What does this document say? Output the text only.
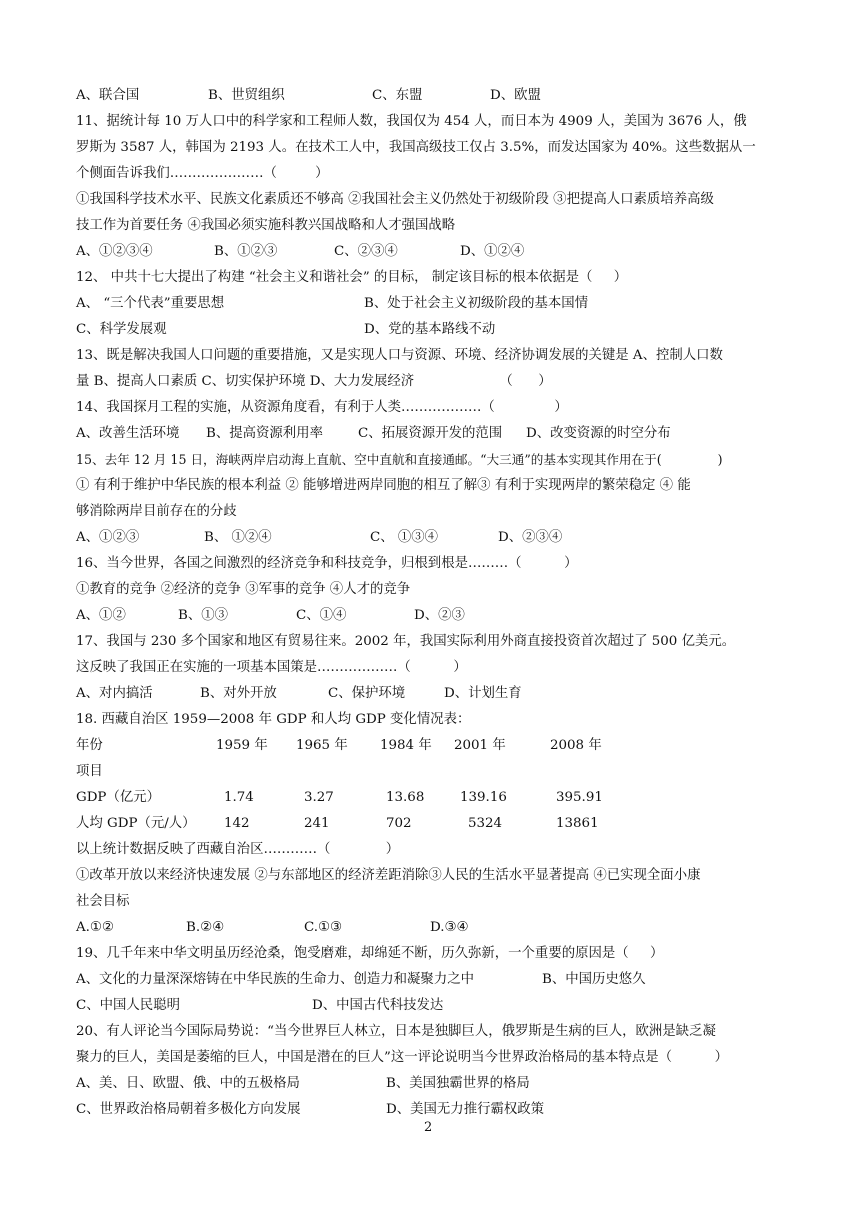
A、联合国	B、世贸组织	C、东盟	D、欧盟
11、据统计每 10 万人口中的科学家和工程师人数，我国仅为 454 人，而日本为 4909 人，美国为 3676 人，俄
罗斯为 3587 人，韩国为 2193 人。在技术工人中，我国高级技工仅占 3.5%，而发达国家为 40%。这些数据从一
个侧面告诉我们…………………（         ）
①我国科学技术水平、民族文化素质还不够高 ②我国社会主义仍然处于初级阶段 ③把提高人口素质培养高级
技工作为首要任务 ④我国必须实施科教兴国战略和人才强国战略
A、①②③④	B、①②③	C、②③④	D、①②④
12、 中共十七大提出了构建 “社会主义和谐社会” 的目标， 制定该目标的根本依据是（     ）
A、 “三个代表”重要思想	B、处于社会主义初级阶段的基本国情
C、科学发展观	D、党的基本路线不动
13、既是解决我国人口问题的重要措施，又是实现人口与资源、环境、经济协调发展的关键是 A、控制人口数
量 B、提高人口素质 C、切实保护环境 D、大力发展经济                    （      ）
14、我国探月工程的实施，从资源角度看，有利于人类………………（              ）
A、改善生活环境 B、提高资源利用率	C、拓展资源开发的范围 D、改变资源的时空分布
15、去年 12 月 15 日，海峡两岸启动海上直航、空中直航和直接通邮。“大三通”的基本实现其作用在于(              )
① 有利于维护中华民族的根本利益 ② 能够增进两岸同胞的相互了解③ 有利于实现两岸的繁荣稳定 ④ 能
够消除两岸目前存在的分歧
A、①②③	B、 ①②④	C、 ①③④	D、②③④
16、当今世界，各国之间激烈的经济竞争和科技竞争，归根到根是………（          ）
①教育的竞争 ②经济的竞争 ③军事的竞争 ④人才的竞争
A、①②	B、①③	C、①④	D、②③
17、我国与 230 多个国家和地区有贸易往来。2002 年，我国实际利用外商直接投资首次超过了 500 亿美元。
这反映了我国正在实施的一项基本国策是………………（          ）
A、对内搞活	B、对外开放	C、保护环境	D、计划生育
18. 西藏自治区 1959—2008 年 GDP 和人均 GDP 变化情况表：
年份	1959 年 1965 年 1984 年 2001 年	2008 年
项目
GDP（亿元）	1.74	3.27	13.68	139.16	395.91
人均 GDP（元/人） 142	241	702	5324	13861
以上统计数据反映了西藏自治区…………（             ）
①改革开放以来经济快速发展 ②与东部地区的经济差距消除③人民的生活水平显著提高 ④已实现全面小康
社会目标
A.①②	B.②④	C.①③	D.③④
19、几千年来中华文明虽历经沧桑，饱受磨难，却绵延不断，历久弥新，一个重要的原因是（     ）
A、文化的力量深深熔铸在中华民族的生命力、创造力和凝聚力之中	B、中国历史悠久
C、中国人民聪明	D、中国古代科技发达
20、有人评论当今国际局势说：“当今世界巨人林立，日本是独脚巨人，俄罗斯是生病的巨人，欧洲是缺乏凝
聚力的巨人，美国是萎缩的巨人，中国是潜在的巨人”这一评论说明当今世界政治格局的基本特点是（          ）
A、美、日、欧盟、俄、中的五极格局	B、美国独霸世界的格局
C、世界政治格局朝着多极化方向发展	D、美国无力推行霸权政策
2
